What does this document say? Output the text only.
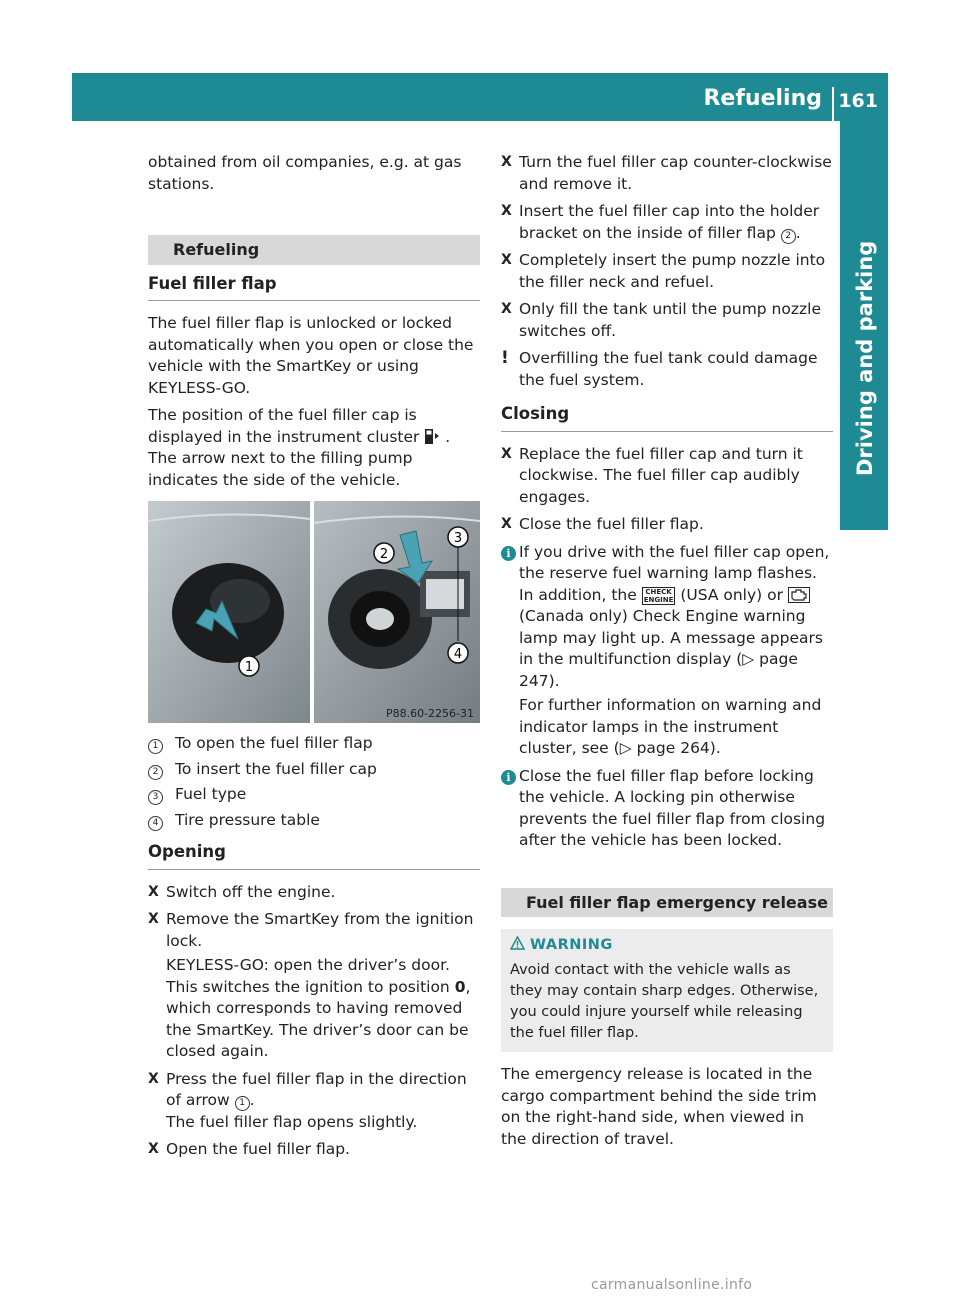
Refueling 161
Driving and parking

obtained from oil companies, e.g. at gas stations.

Refueling
Fuel filler flap

The fuel filler flap is unlocked or locked automatically when you open or close the vehicle with the SmartKey or using KEYLESS-GO.

The position of the fuel filler cap is displayed in the instrument cluster . The arrow next to the filling pump indicates the side of the vehicle.

1
2
3
4
P88.60-2256-31
1 To open the fuel filler flap
2 To insert the fuel filler cap
3 Fuel type
4 Tire pressure table
Opening
X Switch off the engine.
X Remove the SmartKey from the ignition lock.

KEYLESS-GO: open the driver’s door. This switches the ignition to position 0, which corresponds to having removed the SmartKey. The driver’s door can be closed again.

X Press the fuel filler flap in the direction of arrow 1 .

The fuel filler flap opens slightly.

X Open the fuel filler flap.
X Turn the fuel filler cap counter-clockwise and remove it.
X Insert the fuel filler cap into the holder bracket on the inside of filler flap 2 .
X Completely insert the pump nozzle into the filler neck and refuel.
X Only fill the tank until the pump nozzle switches off.
! Overfilling the fuel tank could damage the fuel system.
Closing
X Replace the fuel filler cap and turn it clockwise. The fuel filler cap audibly engages.
X Close the fuel filler flap.
i If you drive with the fuel filler cap open, the reserve fuel warning lamp flashes. In addition, the CHECK
ENGINE (USA only) or  (Canada only) Check Engine warning lamp may light up. A message appears in the multifunction display (▷ page 247).

For further information on warning and indicator lamps in the instrument cluster, see (▷ page 264).

i Close the fuel filler flap before locking the vehicle. A locking pin otherwise prevents the fuel filler flap from closing after the vehicle has been locked.
Fuel filler flap emergency release
WARNING

Avoid contact with the vehicle walls as they may contain sharp edges. Otherwise, you could injure yourself while releasing the fuel filler flap.

The emergency release is located in the cargo compartment behind the side trim on the right-hand side, when viewed in the direction of travel.

carmanualsonline.info
